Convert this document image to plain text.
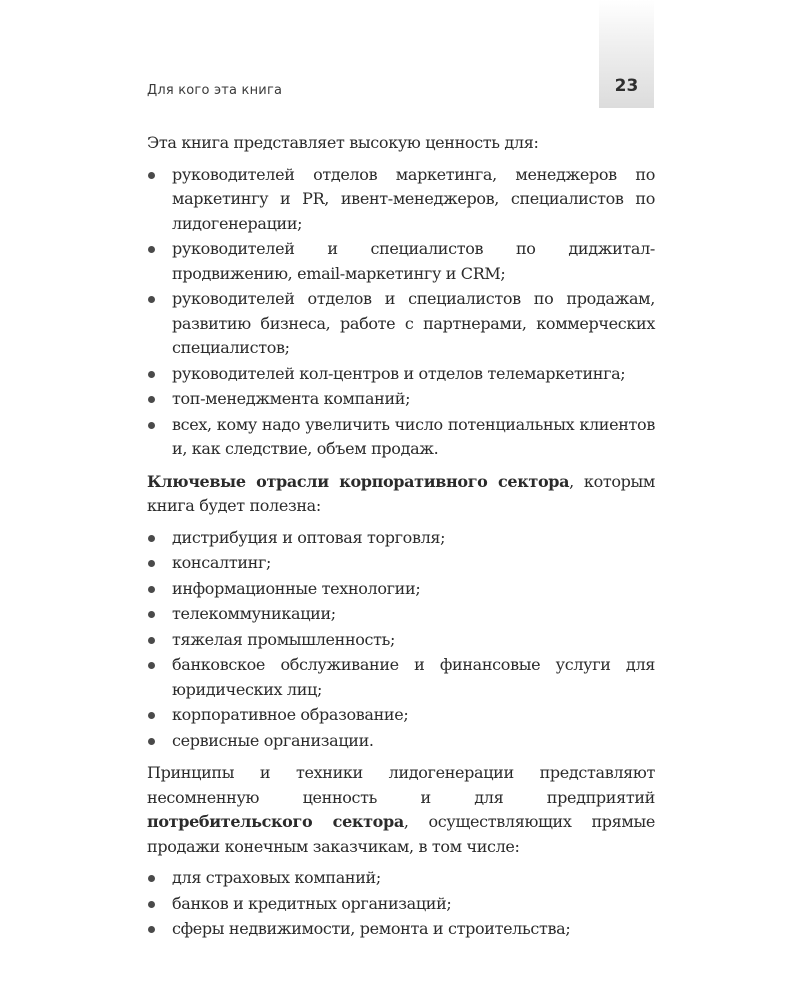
23
Для кого эта книга

Эта книга представляет высокую ценность для:

руководителей отделов маркетинга, менеджеров по маркетингу и PR, ивент-менеджеров, специалистов по лидогенерации;
руководителей и специалистов по диджитал-продвижению, email-маркетингу и CRM;
руководителей отделов и специалистов по продажам, развитию бизнеса, работе с партнерами, коммерческих специалистов;
руководителей кол-центров и отделов телемаркетинга;
топ-менеджмента компаний;
всех, кому надо увеличить число потенциальных клиентов и, как следствие, объем продаж.

Ключевые отрасли корпоративного сектора, которым книга будет полезна:

дистрибуция и оптовая торговля;
консалтинг;
информационные технологии;
телекоммуникации;
тяжелая промышленность;
банковское обслуживание и финансовые услуги для юридических лиц;
корпоративное образование;
сервисные организации.

Принципы и техники лидогенерации представляют несомненную ценность и для предприятий потребительского сектора, осуществляющих прямые продажи конечным заказчикам, в том числе:

для страховых компаний;
банков и кредитных организаций;
сферы недвижимости, ремонта и строительства;
